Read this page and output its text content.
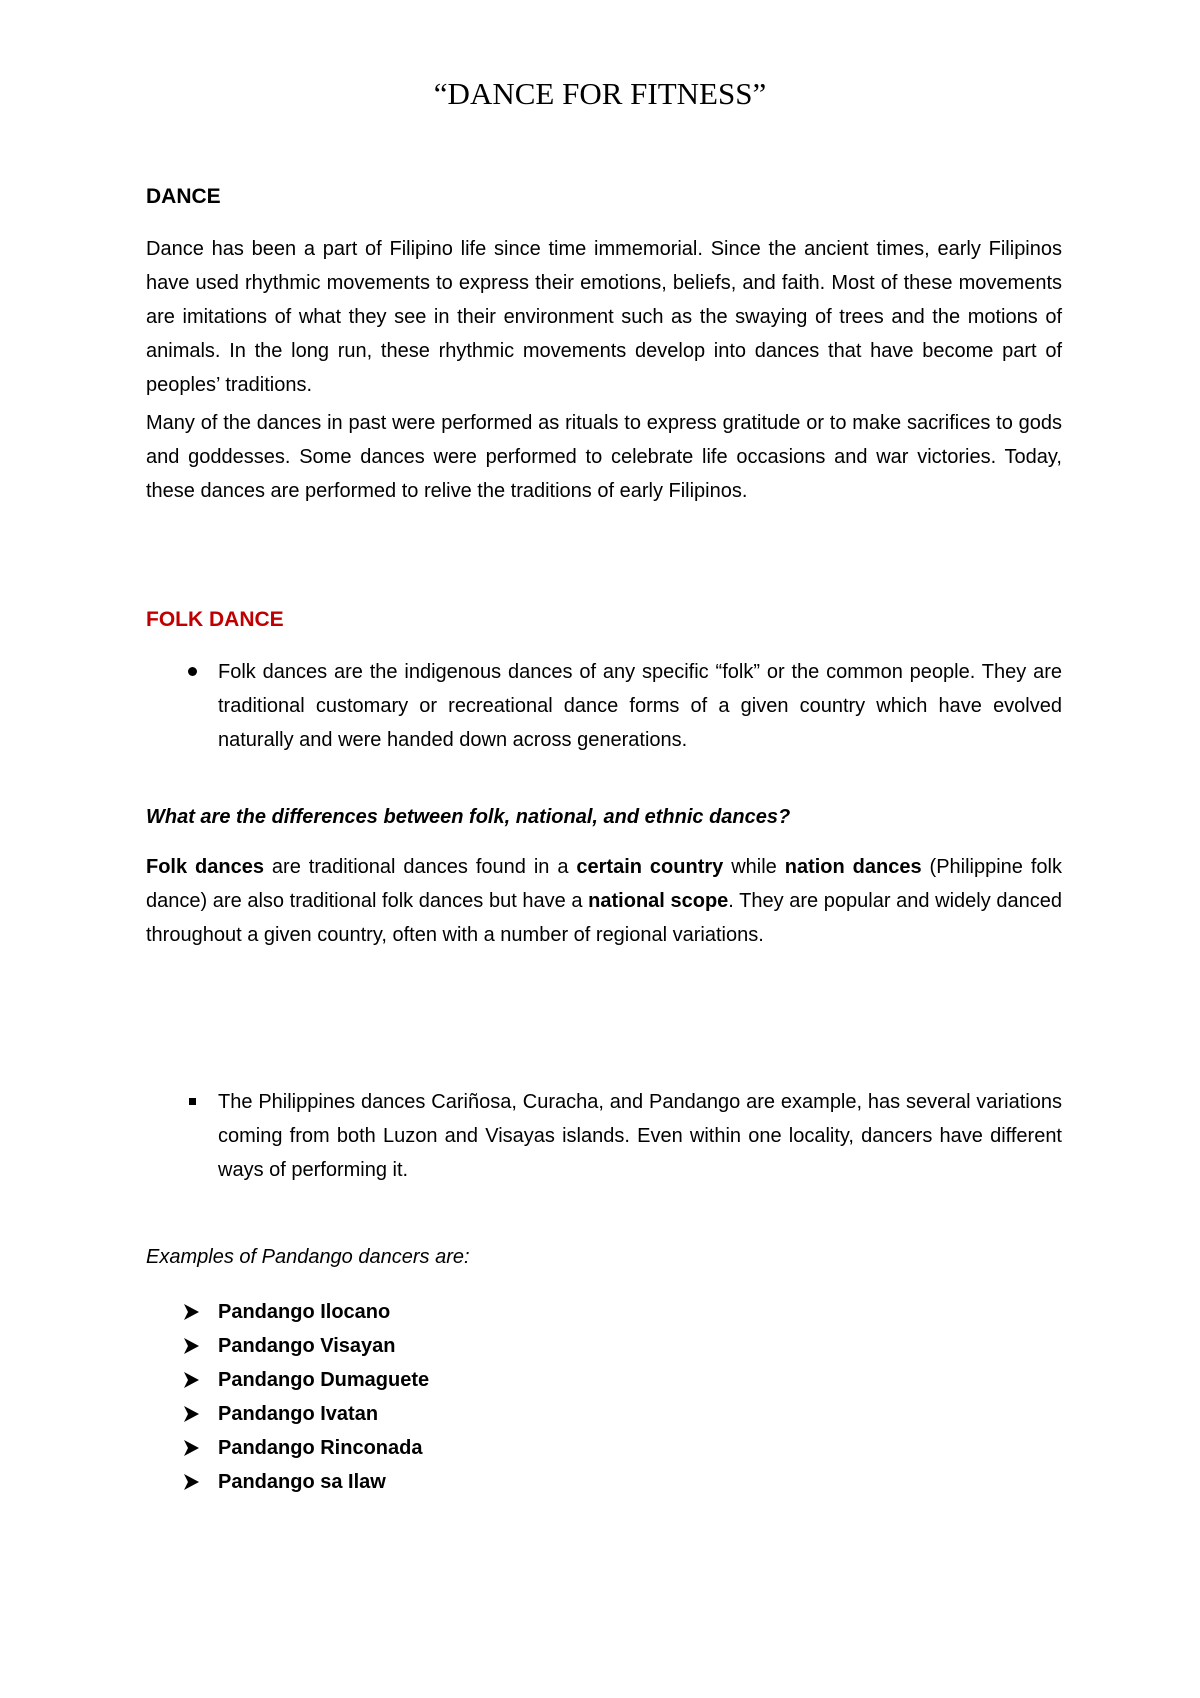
“DANCE FOR FITNESS”
DANCE

Dance has been a part of Filipino life since time immemorial. Since the ancient times, early Filipinos have used rhythmic movements to express their emotions, beliefs, and faith. Most of these movements are imitations of what they see in their environment such as the swaying of trees and the motions of animals. In the long run, these rhythmic movements develop into dances that have become part of peoples’ traditions.

Many of the dances in past were performed as rituals to express gratitude or to make sacrifices to gods and goddesses. Some dances were performed to celebrate life occasions and war victories. Today, these dances are performed to relive the traditions of early Filipinos.

FOLK DANCE

Folk dances are the indigenous dances of any specific “folk” or the common people. They are traditional customary or recreational dance forms of a given country which have evolved naturally and were handed down across generations.

What are the differences between folk, national, and ethnic dances?

Folk dances are traditional dances found in a certain country while nation dances (Philippine folk dance) are also traditional folk dances but have a national scope. They are popular and widely danced throughout a given country, often with a number of regional variations.

The Philippines dances Cariñosa, Curacha, and Pandango are example, has several variations coming from both Luzon and Visayas islands. Even within one locality, dancers have different ways of performing it.

Examples of Pandango dancers are:

Pandango Ilocano
Pandango Visayan
Pandango Dumaguete
Pandango Ivatan
Pandango Rinconada
Pandango sa Ilaw
